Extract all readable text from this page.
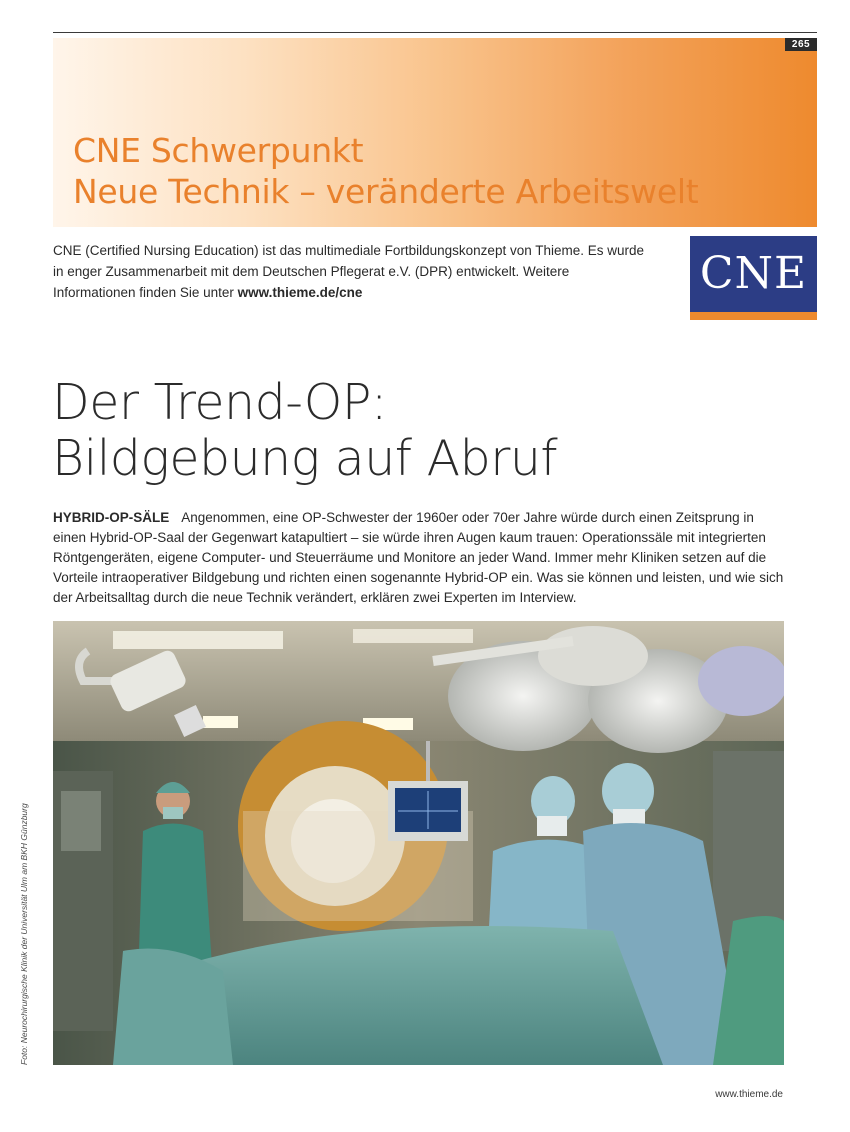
CNE Schwerpunkt
Neue Technik – veränderte Arbeitswelt
265

CNE (Certified Nursing Education) ist das multimediale Fortbildungskonzept von Thieme. Es wurde in enger Zusammenarbeit mit dem Deutschen Pflegerat e.V. (DPR) entwickelt. Weitere Informationen finden Sie unter www.thieme.de/cne	CNE
Der Trend-OP:
Bildgebung auf Abruf

HYBRID-OP-SÄLE Angenommen, eine OP-Schwester der 1960er oder 70er Jahre würde durch einen Zeitsprung in einen Hybrid-OP-Saal der Gegenwart katapultiert – sie würde ihren Augen kaum trauen: Operationssäle mit integrierten Röntgengeräten, eigene Computer- und Steuerräume und Monitore an jeder Wand. Immer mehr Kliniken setzen auf die Vorteile intraoperativer Bildgebung und richten einen sogenannte Hybrid-OP ein. Was sie können und leisten, und wie sich der Arbeitsalltag durch die neue Technik verändert, erklären zwei Experten im Interview.

Foto: Neurochirurgische Klinik der Universität Ulm am BKH Günzburg
www.thieme.de
